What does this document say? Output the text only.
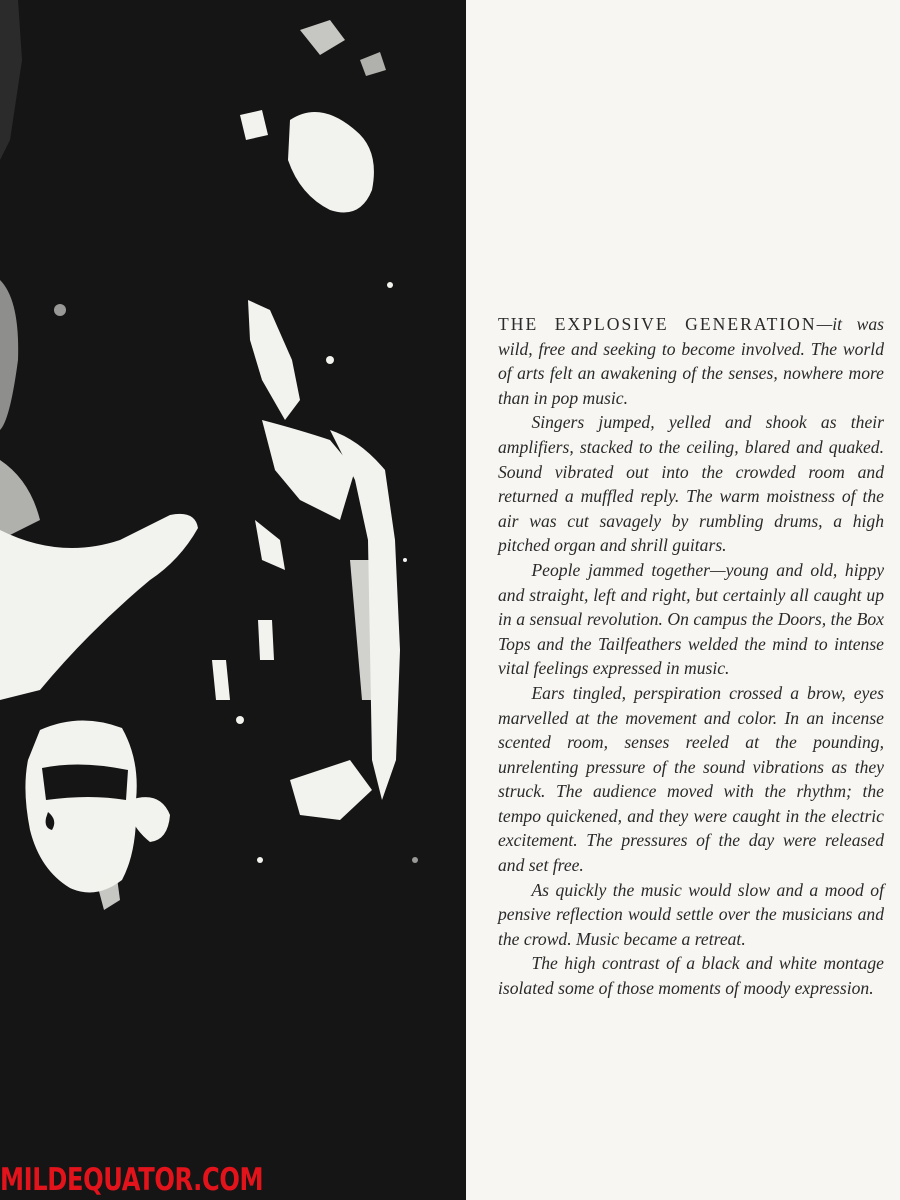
THE EXPLOSIVE GENERATION—it was wild, free and seeking to become involved. The world of arts felt an awakening of the senses, nowhere more than in pop music.

Singers jumped, yelled and shook as their amplifiers, stacked to the ceiling, blared and quaked. Sound vibrated out into the crowded room and returned a muffled reply. The warm moistness of the air was cut savagely by rumbling drums, a high pitched organ and shrill guitars.

People jammed together—young and old, hippy and straight, left and right, but certainly all caught up in a sensual revolution. On campus the Doors, the Box Tops and the Tailfeathers welded the mind to intense vital feelings expressed in music.

Ears tingled, perspiration crossed a brow, eyes marvelled at the movement and color. In an incense scented room, senses reeled at the pounding, unrelenting pressure of the sound vibrations as they struck. The audience moved with the rhythm; the tempo quickened, and they were caught in the electric excitement. The pressures of the day were released and set free.

As quickly the music would slow and a mood of pensive reflection would settle over the musicians and the crowd. Music became a retreat.

The high contrast of a black and white montage isolated some of those moments of moody expression.

MILDEQUATOR.COM
